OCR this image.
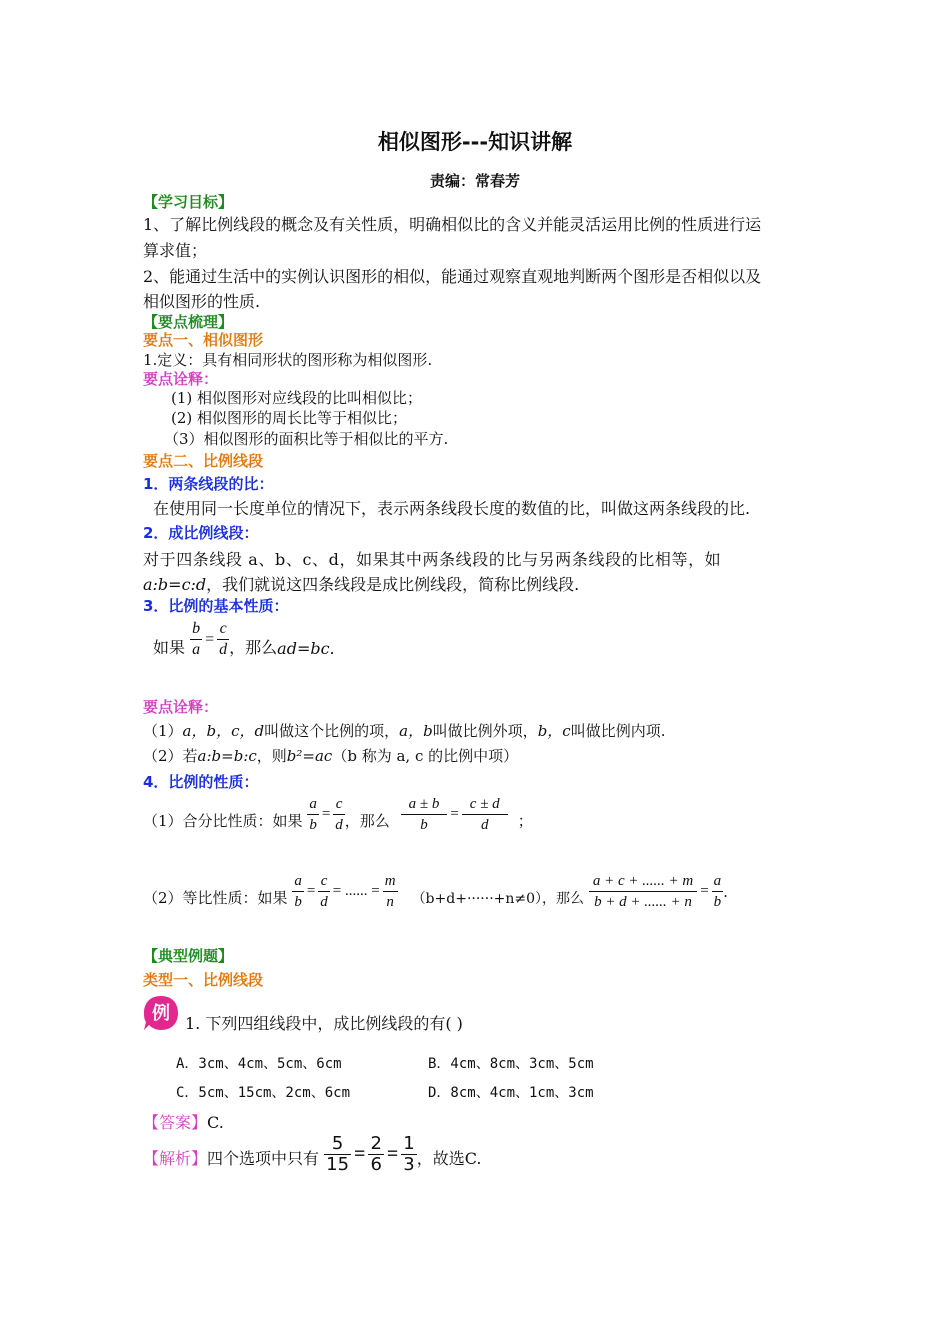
相似图形---知识讲解
责编：常春芳
【学习目标】
1、了解比例线段的概念及有关性质，明确相似比的含义并能灵活运用比例的性质进行运
算求值；
2、能通过生活中的实例认识图形的相似，能通过观察直观地判断两个图形是否相似以及
相似图形的性质.
【要点梳理】
要点一、相似图形
1.定义：具有相同形状的图形称为相似图形.
要点诠释：
(1) 相似图形对应线段的比叫相似比；
(2) 相似图形的周长比等于相似比；
（3）相似图形的面积比等于相似比的平方.
要点二、比例线段
1．两条线段的比：
在使用同一长度单位的情况下，表示两条线段长度的数值的比，叫做这两条线段的比.
2．成比例线段：
对于四条线段 a、b、c、d，如果其中两条线段的比与另两条线段的比相等，如
a:b=c:d，我们就说这四条线段是成比例线段，简称比例线段.
3．比例的基本性质：
如果 $\frac{b}{a} = \frac{c}{d}$ ，那么ad=bc.
要点诠释：
（1）a，b，c，d叫做这个比例的项，a，b叫做比例外项，b，c叫做比例内项.
（2）若a:b=b:c，则b²=ac（b 称为 a, c 的比例中项）
4．比例的性质：
（1）合分比性质：如果 $\frac{a}{b} = \frac{c}{d}$ ，那么 $\frac{a \pm b}{b} = \frac{c \pm d}{d}$ ；
（2）等比性质：如果 $\frac{a}{b} = \frac{c}{d}$ = ...... = $\frac{m}{n} (b+d+\cdot\cdot\cdot\cdot\cdot\cdot+n\ne 0)$，那么 $\frac{a + c + ...... + m}{b + d + ...... + n} = \frac{a}{b}$ .
【典型例题】
类型一、比例线段
例 1. 下列四组线段中，成比例线段的有( )
A．3cm、4cm、5cm、6cm	B．4cm、8cm、3cm、5cm
C．5cm、15cm、2cm、6cm	D．8cm、4cm、1cm、3cm
【答案】C.
【解析】四个选项中只有 $\frac{5}{15} = \frac{2}{6} = \frac{1}{3}$ ，故选C.
